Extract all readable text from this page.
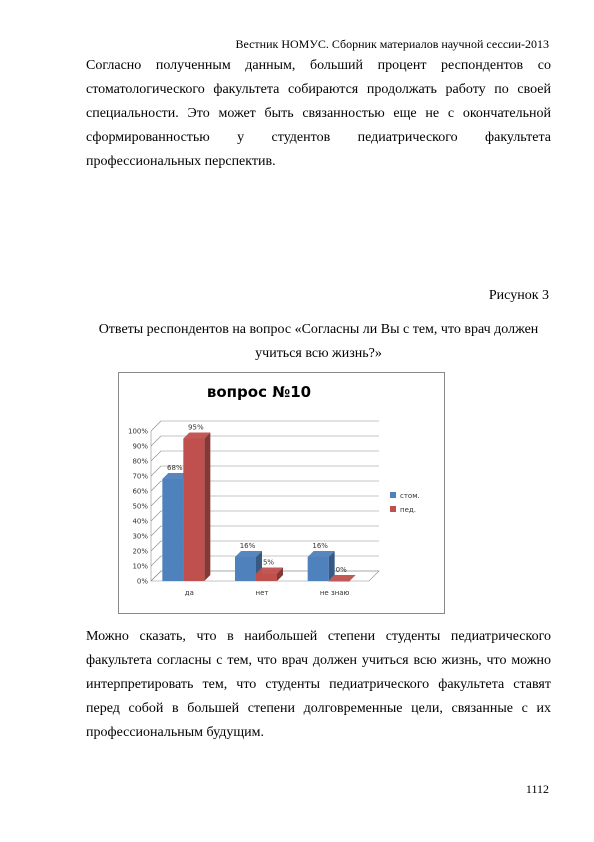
Вестник НОМУС. Сборник материалов научной сессии-2013
Согласно полученным данным, больший процент респондентов со
стоматологического факультета собираются продолжать работу по своей
специальности. Это может быть связанностью еще не с окончательной
сформированностью у студентов педиатрического факультета
профессиональных перспектив.
Рисунок 3
Ответы респондентов на вопрос «Согласны ли Вы с тем, что врач должен
учиться всю жизнь?»
вопрос №10
0%
10%
20%
30%
40%
50%
60%
70%
80%
90%
100%
68%
95%
да
16%
5%
нет
16%
0%
не знаю
стом.
пед.
Можно сказать, что в наибольшей степени студенты педиатрического
факультета согласны с тем, что врач должен учиться всю жизнь, что можно
интерпретировать тем, что студенты педиатрического факультета ставят
перед собой в большей степени долговременные цели, связанные с их
профессиональным будущим.
1112
